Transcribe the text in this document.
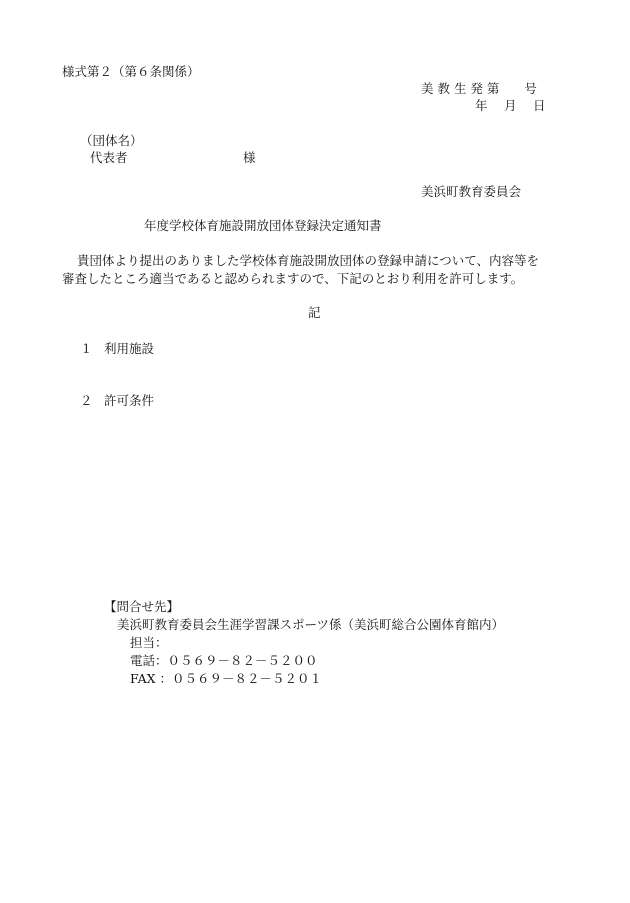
様式第２（第６条関係）
美 教 生 発 第　　号
年　 月　 日
（団体名）
代表者	様
美浜町教育委員会
年度学校体育施設開放団体登録決定通知書
貴団体より提出のありました学校体育施設開放団体の登録申請について、内容等を
審査したところ適当であると認められますので、下記のとおり利用を許可します。
記
１ 利用施設
２ 許可条件
【問合せ先】
美浜町教育委員会生涯学習課スポーツ係（美浜町総合公園体育館内）
担当：
電話：０５６９－８２－５２００
FAX ：０５６９－８２－５２０１
